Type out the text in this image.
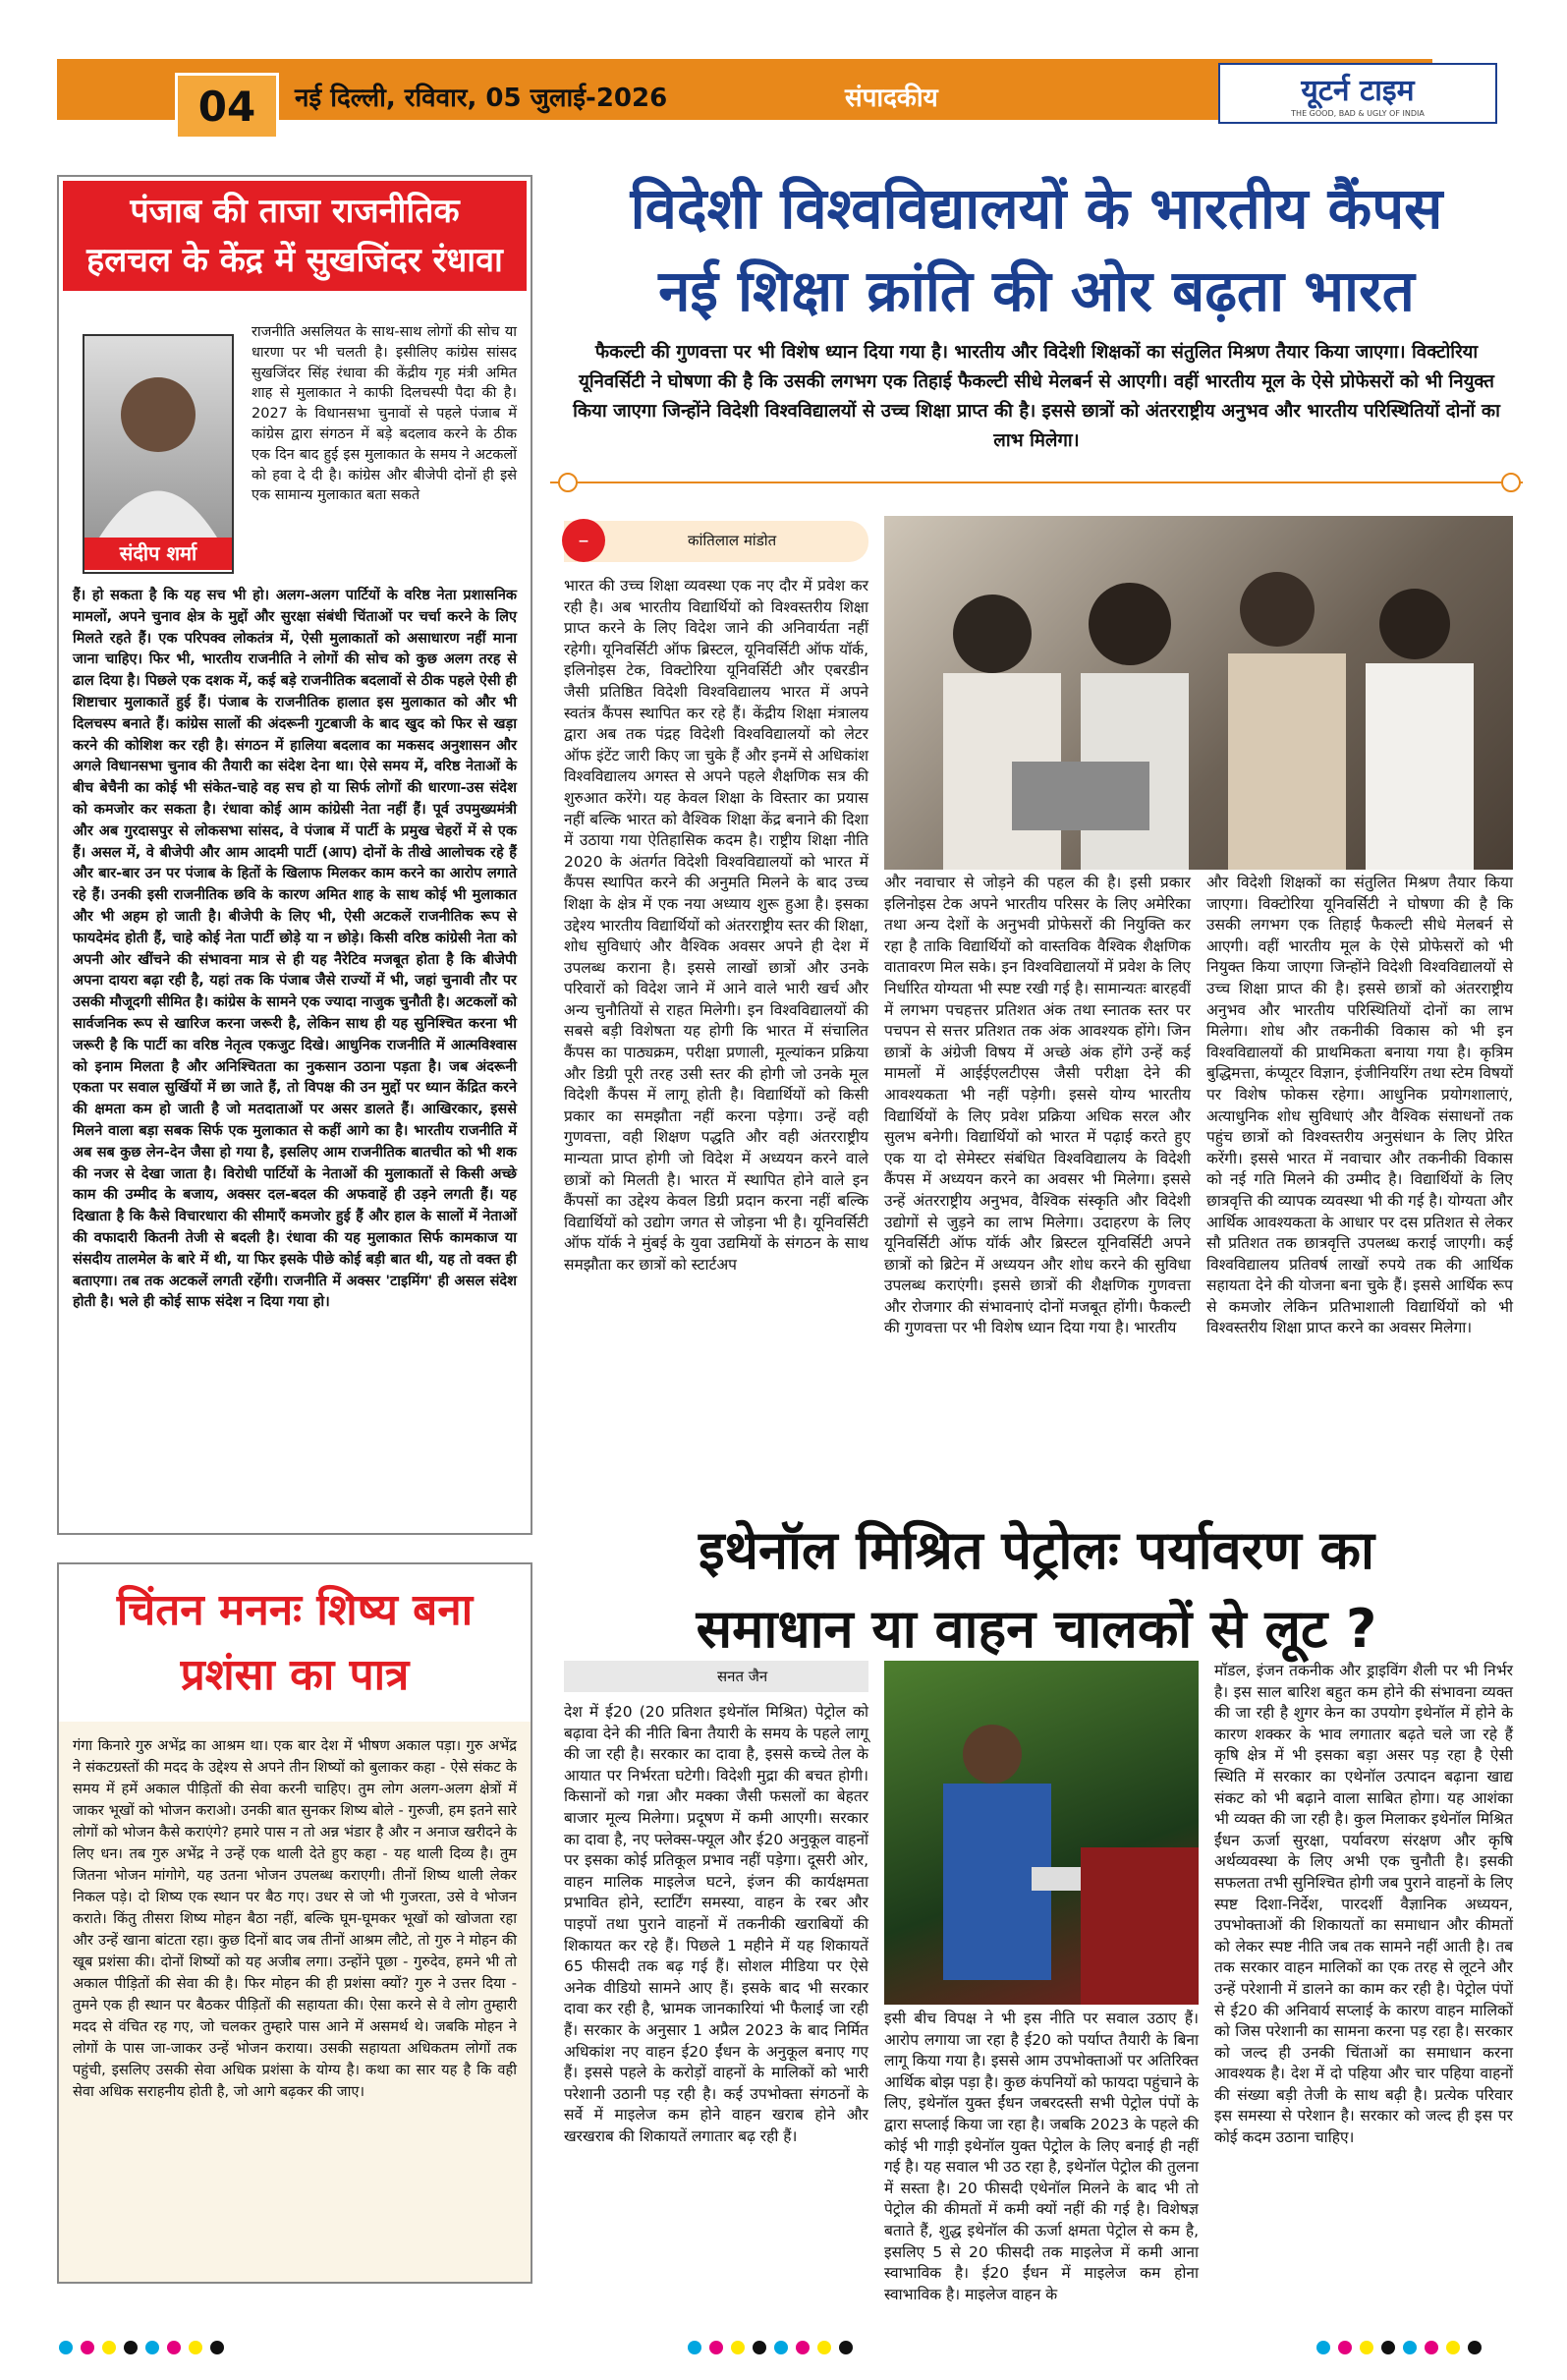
04	नई दिल्ली, रविवार, 05 जुलाई-2026	संपादकीय	यूटर्न टाइम
THE GOOD, BAD & UGLY OF INDIA
पंजाब की ताजा राजनीतिक हलचल के केंद्र में सुखजिंदर रंधावा
संदीप शर्मा

राजनीति असलियत के साथ-साथ लोगों की सोच या धारणा पर भी चलती है। इसीलिए कांग्रेस सांसद सुखजिंदर सिंह रंधावा की केंद्रीय गृह मंत्री अमित शाह से मुलाकात ने काफी दिलचस्पी पैदा की है। 2027 के विधानसभा चुनावों से पहले पंजाब में कांग्रेस द्वारा संगठन में बड़े बदलाव करने के ठीक एक दिन बाद हुई इस मुलाकात के समय ने अटकलों को हवा दे दी है। कांग्रेस और बीजेपी दोनों ही इसे एक सामान्य मुलाकात बता सकते

हैं। हो सकता है कि यह सच भी हो। अलग-अलग पार्टियों के वरिष्ठ नेता प्रशासनिक मामलों, अपने चुनाव क्षेत्र के मुद्दों और सुरक्षा संबंधी चिंताओं पर चर्चा करने के लिए मिलते रहते हैं। एक परिपक्व लोकतंत्र में, ऐसी मुलाकातों को असाधारण नहीं माना जाना चाहिए। फिर भी, भारतीय राजनीति ने लोगों की सोच को कुछ अलग तरह से ढाल दिया है। पिछले एक दशक में, कई बड़े राजनीतिक बदलावों से ठीक पहले ऐसी ही शिष्टाचार मुलाकातें हुई हैं। पंजाब के राजनीतिक हालात इस मुलाकात को और भी दिलचस्प बनाते हैं। कांग्रेस सालों की अंदरूनी गुटबाजी के बाद खुद को फिर से खड़ा करने की कोशिश कर रही है। संगठन में हालिया बदलाव का मकसद अनुशासन और अगले विधानसभा चुनाव की तैयारी का संदेश देना था। ऐसे समय में, वरिष्ठ नेताओं के बीच बेचैनी का कोई भी संकेत-चाहे वह सच हो या सिर्फ लोगों की धारणा-उस संदेश को कमजोर कर सकता है। रंधावा कोई आम कांग्रेसी नेता नहीं हैं। पूर्व उपमुख्यमंत्री और अब गुरदासपुर से लोकसभा सांसद, वे पंजाब में पार्टी के प्रमुख चेहरों में से एक हैं। असल में, वे बीजेपी और आम आदमी पार्टी (आप) दोनों के तीखे आलोचक रहे हैं और बार-बार उन पर पंजाब के हितों के खिलाफ मिलकर काम करने का आरोप लगाते रहे हैं। उनकी इसी राजनीतिक छवि के कारण अमित शाह के साथ कोई भी मुलाकात और भी अहम हो जाती है। बीजेपी के लिए भी, ऐसी अटकलें राजनीतिक रूप से फायदेमंद होती हैं, चाहे कोई नेता पार्टी छोड़े या न छोड़े। किसी वरिष्ठ कांग्रेसी नेता को अपनी ओर खींचने की संभावना मात्र से ही यह नैरेटिव मजबूत होता है कि बीजेपी अपना दायरा बढ़ा रही है, यहां तक कि पंजाब जैसे राज्यों में भी, जहां चुनावी तौर पर उसकी मौजूदगी सीमित है। कांग्रेस के सामने एक ज्यादा नाजुक चुनौती है। अटकलों को सार्वजनिक रूप से खारिज करना जरूरी है, लेकिन साथ ही यह सुनिश्चित करना भी जरूरी है कि पार्टी का वरिष्ठ नेतृत्व एकजुट दिखे। आधुनिक राजनीति में आत्मविश्वास को इनाम मिलता है और अनिश्चितता का नुकसान उठाना पड़ता है। जब अंदरूनी एकता पर सवाल सुर्खियों में छा जाते हैं, तो विपक्ष की उन मुद्दों पर ध्यान केंद्रित करने की क्षमता कम हो जाती है जो मतदाताओं पर असर डालते हैं। आखिरकार, इससे मिलने वाला बड़ा सबक सिर्फ एक मुलाकात से कहीं आगे का है। भारतीय राजनीति में अब सब कुछ लेन-देन जैसा हो गया है, इसलिए आम राजनीतिक बातचीत को भी शक की नजर से देखा जाता है। विरोधी पार्टियों के नेताओं की मुलाकातों से किसी अच्छे काम की उम्मीद के बजाय, अक्सर दल-बदल की अफवाहें ही उड़ने लगती हैं। यह दिखाता है कि कैसे विचारधारा की सीमाएँ कमजोर हुई हैं और हाल के सालों में नेताओं की वफादारी कितनी तेजी से बदली है। रंधावा की यह मुलाकात सिर्फ कामकाज या संसदीय तालमेल के बारे में थी, या फिर इसके पीछे कोई बड़ी बात थी, यह तो वक्त ही बताएगा। तब तक अटकलें लगती रहेंगी। राजनीति में अक्सर 'टाइमिंग' ही असल संदेश होती है। भले ही कोई साफ संदेश न दिया गया हो।

चिंतन मननः शिष्य बना प्रशंसा का पात्र

गंगा किनारे गुरु अभेंद्र का आश्रम था। एक बार देश में भीषण अकाल पड़ा। गुरु अभेंद्र ने संकटग्रस्तों की मदद के उद्देश्य से अपने तीन शिष्यों को बुलाकर कहा - ऐसे संकट के समय में हमें अकाल पीड़ितों की सेवा करनी चाहिए। तुम लोग अलग-अलग क्षेत्रों में जाकर भूखों को भोजन कराओ। उनकी बात सुनकर शिष्य बोले - गुरुजी, हम इतने सारे लोगों को भोजन कैसे कराएंगे? हमारे पास न तो अन्न भंडार है और न अनाज खरीदने के लिए धन। तब गुरु अभेंद्र ने उन्हें एक थाली देते हुए कहा - यह थाली दिव्य है। तुम जितना भोजन मांगोगे, यह उतना भोजन उपलब्ध कराएगी। तीनों शिष्य थाली लेकर निकल पड़े। दो शिष्य एक स्थान पर बैठ गए। उधर से जो भी गुजरता, उसे वे भोजन कराते। किंतु तीसरा शिष्य मोहन बैठा नहीं, बल्कि घूम-घूमकर भूखों को खोजता रहा और उन्हें खाना बांटता रहा। कुछ दिनों बाद जब तीनों आश्रम लौटे, तो गुरु ने मोहन की खूब प्रशंसा की। दोनों शिष्यों को यह अजीब लगा। उन्होंने पूछा - गुरुदेव, हमने भी तो अकाल पीड़ितों की सेवा की है। फिर मोहन की ही प्रशंसा क्यों? गुरु ने उत्तर दिया - तुमने एक ही स्थान पर बैठकर पीड़ितों की सहायता की। ऐसा करने से वे लोग तुम्हारी मदद से वंचित रह गए, जो चलकर तुम्हारे पास आने में असमर्थ थे। जबकि मोहन ने लोगों के पास जा-जाकर उन्हें भोजन कराया। उसकी सहायता अधिकतम लोगों तक पहुंची, इसलिए उसकी सेवा अधिक प्रशंसा के योग्य है। कथा का सार यह है कि वही सेवा अधिक सराहनीय होती है, जो आगे बढ़कर की जाए।

विदेशी विश्वविद्यालयों के भारतीय कैंपस
नई शिक्षा क्रांति की ओर बढ़ता भारत

फैकल्टी की गुणवत्ता पर भी विशेष ध्यान दिया गया है। भारतीय और विदेशी शिक्षकों का संतुलित मिश्रण तैयार किया जाएगा। विक्टोरिया यूनिवर्सिटी ने घोषणा की है कि उसकी लगभग एक तिहाई फैकल्टी सीधे मेलबर्न से आएगी। वहीं भारतीय मूल के ऐसे प्रोफेसरों को भी नियुक्त किया जाएगा जिन्होंने विदेशी विश्वविद्यालयों से उच्च शिक्षा प्राप्त की है। इससे छात्रों को अंतरराष्ट्रीय अनुभव और भारतीय परिस्थितियों दोनों का लाभ मिलेगा।

–	कांतिलाल मांडोत

भारत की उच्च शिक्षा व्यवस्था एक नए दौर में प्रवेश कर रही है। अब भारतीय विद्यार्थियों को विश्वस्तरीय शिक्षा प्राप्त करने के लिए विदेश जाने की अनिवार्यता नहीं रहेगी। यूनिवर्सिटी ऑफ ब्रिस्टल, यूनिवर्सिटी ऑफ यॉर्क, इलिनोइस टेक, विक्टोरिया यूनिवर्सिटी और एबरडीन जैसी प्रतिष्ठित विदेशी विश्वविद्यालय भारत में अपने स्वतंत्र कैंपस स्थापित कर रहे हैं। केंद्रीय शिक्षा मंत्रालय द्वारा अब तक पंद्रह विदेशी विश्वविद्यालयों को लेटर ऑफ इंटेंट जारी किए जा चुके हैं और इनमें से अधिकांश विश्वविद्यालय अगस्त से अपने पहले शैक्षणिक सत्र की शुरुआत करेंगे। यह केवल शिक्षा के विस्तार का प्रयास नहीं बल्कि भारत को वैश्विक शिक्षा केंद्र बनाने की दिशा में उठाया गया ऐतिहासिक कदम है। राष्ट्रीय शिक्षा नीति 2020 के अंतर्गत विदेशी विश्वविद्यालयों को भारत में कैंपस स्थापित करने की अनुमति मिलने के बाद उच्च शिक्षा के क्षेत्र में एक नया अध्याय शुरू हुआ है। इसका उद्देश्य भारतीय विद्यार्थियों को अंतरराष्ट्रीय स्तर की शिक्षा, शोध सुविधाएं और वैश्विक अवसर अपने ही देश में उपलब्ध कराना है। इससे लाखों छात्रों और उनके परिवारों को विदेश जाने में आने वाले भारी खर्च और अन्य चुनौतियों से राहत मिलेगी। इन विश्वविद्यालयों की सबसे बड़ी विशेषता यह होगी कि भारत में संचालित कैंपस का पाठ्यक्रम, परीक्षा प्रणाली, मूल्यांकन प्रक्रिया और डिग्री पूरी तरह उसी स्तर की होगी जो उनके मूल विदेशी कैंपस में लागू होती है। विद्यार्थियों को किसी प्रकार का समझौता नहीं करना पड़ेगा। उन्हें वही गुणवत्ता, वही शिक्षण पद्धति और वही अंतरराष्ट्रीय मान्यता प्राप्त होगी जो विदेश में अध्ययन करने वाले छात्रों को मिलती है। भारत में स्थापित होने वाले इन कैंपसों का उद्देश्य केवल डिग्री प्रदान करना नहीं बल्कि विद्यार्थियों को उद्योग जगत से जोड़ना भी है। यूनिवर्सिटी ऑफ यॉर्क ने मुंबई के युवा उद्यमियों के संगठन के साथ समझौता कर छात्रों को स्टार्टअप

और नवाचार से जोड़ने की पहल की है। इसी प्रकार इलिनोइस टेक अपने भारतीय परिसर के लिए अमेरिका तथा अन्य देशों के अनुभवी प्रोफेसरों की नियुक्ति कर रहा है ताकि विद्यार्थियों को वास्तविक वैश्विक शैक्षणिक वातावरण मिल सके। इन विश्वविद्यालयों में प्रवेश के लिए निर्धारित योग्यता भी स्पष्ट रखी गई है। सामान्यतः बारहवीं में लगभग पचहत्तर प्रतिशत अंक तथा स्नातक स्तर पर पचपन से सत्तर प्रतिशत तक अंक आवश्यक होंगे। जिन छात्रों के अंग्रेजी विषय में अच्छे अंक होंगे उन्हें कई मामलों में आईईएलटीएस जैसी परीक्षा देने की आवश्यकता भी नहीं पड़ेगी। इससे योग्य भारतीय विद्यार्थियों के लिए प्रवेश प्रक्रिया अधिक सरल और सुलभ बनेगी। विद्यार्थियों को भारत में पढ़ाई करते हुए एक या दो सेमेस्टर संबंधित विश्वविद्यालय के विदेशी कैंपस में अध्ययन करने का अवसर भी मिलेगा। इससे उन्हें अंतरराष्ट्रीय अनुभव, वैश्विक संस्कृति और विदेशी उद्योगों से जुड़ने का लाभ मिलेगा। उदाहरण के लिए यूनिवर्सिटी ऑफ यॉर्क और ब्रिस्टल यूनिवर्सिटी अपने छात्रों को ब्रिटेन में अध्ययन और शोध करने की सुविधा उपलब्ध कराएंगी। इससे छात्रों की शैक्षणिक गुणवत्ता और रोजगार की संभावनाएं दोनों मजबूत होंगी। फैकल्टी की गुणवत्ता पर भी विशेष ध्यान दिया गया है। भारतीय

और विदेशी शिक्षकों का संतुलित मिश्रण तैयार किया जाएगा। विक्टोरिया यूनिवर्सिटी ने घोषणा की है कि उसकी लगभग एक तिहाई फैकल्टी सीधे मेलबर्न से आएगी। वहीं भारतीय मूल के ऐसे प्रोफेसरों को भी नियुक्त किया जाएगा जिन्होंने विदेशी विश्वविद्यालयों से उच्च शिक्षा प्राप्त की है। इससे छात्रों को अंतरराष्ट्रीय अनुभव और भारतीय परिस्थितियों दोनों का लाभ मिलेगा। शोध और तकनीकी विकास को भी इन विश्वविद्यालयों की प्राथमिकता बनाया गया है। कृत्रिम बुद्धिमत्ता, कंप्यूटर विज्ञान, इंजीनियरिंग तथा स्टेम विषयों पर विशेष फोकस रहेगा। आधुनिक प्रयोगशालाएं, अत्याधुनिक शोध सुविधाएं और वैश्विक संसाधनों तक पहुंच छात्रों को विश्वस्तरीय अनुसंधान के लिए प्रेरित करेंगी। इससे भारत में नवाचार और तकनीकी विकास को नई गति मिलने की उम्मीद है। विद्यार्थियों के लिए छात्रवृत्ति की व्यापक व्यवस्था भी की गई है। योग्यता और आर्थिक आवश्यकता के आधार पर दस प्रतिशत से लेकर सौ प्रतिशत तक छात्रवृत्ति उपलब्ध कराई जाएगी। कई विश्वविद्यालय प्रतिवर्ष लाखों रुपये तक की आर्थिक सहायता देने की योजना बना चुके हैं। इससे आर्थिक रूप से कमजोर लेकिन प्रतिभाशाली विद्यार्थियों को भी विश्वस्तरीय शिक्षा प्राप्त करने का अवसर मिलेगा।

इथेनॉल मिश्रित पेट्रोलः पर्यावरण का
समाधान या वाहन चालकों से लूट ?
सनत जैन

देश में ई20 (20 प्रतिशत इथेनॉल मिश्रित) पेट्रोल को बढ़ावा देने की नीति बिना तैयारी के समय के पहले लागू की जा रही है। सरकार का दावा है, इससे कच्चे तेल के आयात पर निर्भरता घटेगी। विदेशी मुद्रा की बचत होगी। किसानों को गन्ना और मक्का जैसी फसलों का बेहतर बाजार मूल्य मिलेगा। प्रदूषण में कमी आएगी। सरकार का दावा है, नए फ्लेक्स-फ्यूल और ई20 अनुकूल वाहनों पर इसका कोई प्रतिकूल प्रभाव नहीं पड़ेगा। दूसरी ओर, वाहन मालिक माइलेज घटने, इंजन की कार्यक्षमता प्रभावित होने, स्टार्टिंग समस्या, वाहन के रबर और पाइपों तथा पुराने वाहनों में तकनीकी खराबियों की शिकायत कर रहे हैं। पिछले 1 महीने में यह शिकायतें 65 फीसदी तक बढ़ गई हैं। सोशल मीडिया पर ऐसे अनेक वीडियो सामने आए हैं। इसके बाद भी सरकार दावा कर रही है, भ्रामक जानकारियां भी फैलाई जा रही हैं। सरकार के अनुसार 1 अप्रैल 2023 के बाद निर्मित अधिकांश नए वाहन ई20 ईंधन के अनुकूल बनाए गए हैं। इससे पहले के करोड़ों वाहनों के मालिकों को भारी परेशानी उठानी पड़ रही है। कई उपभोक्ता संगठनों के सर्वे में माइलेज कम होने वाहन खराब होने और खरखराब की शिकायतें लगातार बढ़ रही हैं।

इसी बीच विपक्ष ने भी इस नीति पर सवाल उठाए हैं। आरोप लगाया जा रहा है ई20 को पर्याप्त तैयारी के बिना लागू किया गया है। इससे आम उपभोक्ताओं पर अतिरिक्त आर्थिक बोझ पड़ा है। कुछ कंपनियों को फायदा पहुंचाने के लिए, इथेनॉल युक्त ईंधन जबरदस्ती सभी पेट्रोल पंपों के द्वारा सप्लाई किया जा रहा है। जबकि 2023 के पहले की कोई भी गाड़ी इथेनॉल युक्त पेट्रोल के लिए बनाई ही नहीं गई है। यह सवाल भी उठ रहा है, इथेनॉल पेट्रोल की तुलना में सस्ता है। 20 फीसदी एथेनॉल मिलने के बाद भी तो पेट्रोल की कीमतों में कमी क्यों नहीं की गई है। विशेषज्ञ बताते हैं, शुद्ध इथेनॉल की ऊर्जा क्षमता पेट्रोल से कम है, इसलिए 5 से 20 फीसदी तक माइलेज में कमी आना स्वाभाविक है। ई20 ईंधन में माइलेज कम होना स्वाभाविक है। माइलेज वाहन के

मॉडल, इंजन तकनीक और ड्राइविंग शैली पर भी निर्भर है। इस साल बारिश बहुत कम होने की संभावना व्यक्त की जा रही है शुगर केन का उपयोग इथेनॉल में होने के कारण शक्कर के भाव लगातार बढ़ते चले जा रहे हैं कृषि क्षेत्र में भी इसका बड़ा असर पड़ रहा है ऐसी स्थिति में सरकार का एथेनॉल उत्पादन बढ़ाना खाद्य संकट को भी बढ़ाने वाला साबित होगा। यह आशंका भी व्यक्त की जा रही है। कुल मिलाकर इथेनॉल मिश्रित ईंधन ऊर्जा सुरक्षा, पर्यावरण संरक्षण और कृषि अर्थव्यवस्था के लिए अभी एक चुनौती है। इसकी सफलता तभी सुनिश्चित होगी जब पुराने वाहनों के लिए स्पष्ट दिशा-निर्देश, पारदर्शी वैज्ञानिक अध्ययन, उपभोक्ताओं की शिकायतों का समाधान और कीमतों को लेकर स्पष्ट नीति जब तक सामने नहीं आती है। तब तक सरकार वाहन मालिकों का एक तरह से लूटने और उन्हें परेशानी में डालने का काम कर रही है। पेट्रोल पंपों से ई20 की अनिवार्य सप्लाई के कारण वाहन मालिकों को जिस परेशानी का सामना करना पड़ रहा है। सरकार को जल्द ही उनकी चिंताओं का समाधान करना आवश्यक है। देश में दो पहिया और चार पहिया वाहनों की संख्या बड़ी तेजी के साथ बढ़ी है। प्रत्येक परिवार इस समस्या से परेशान है। सरकार को जल्द ही इस पर कोई कदम उठाना चाहिए।
